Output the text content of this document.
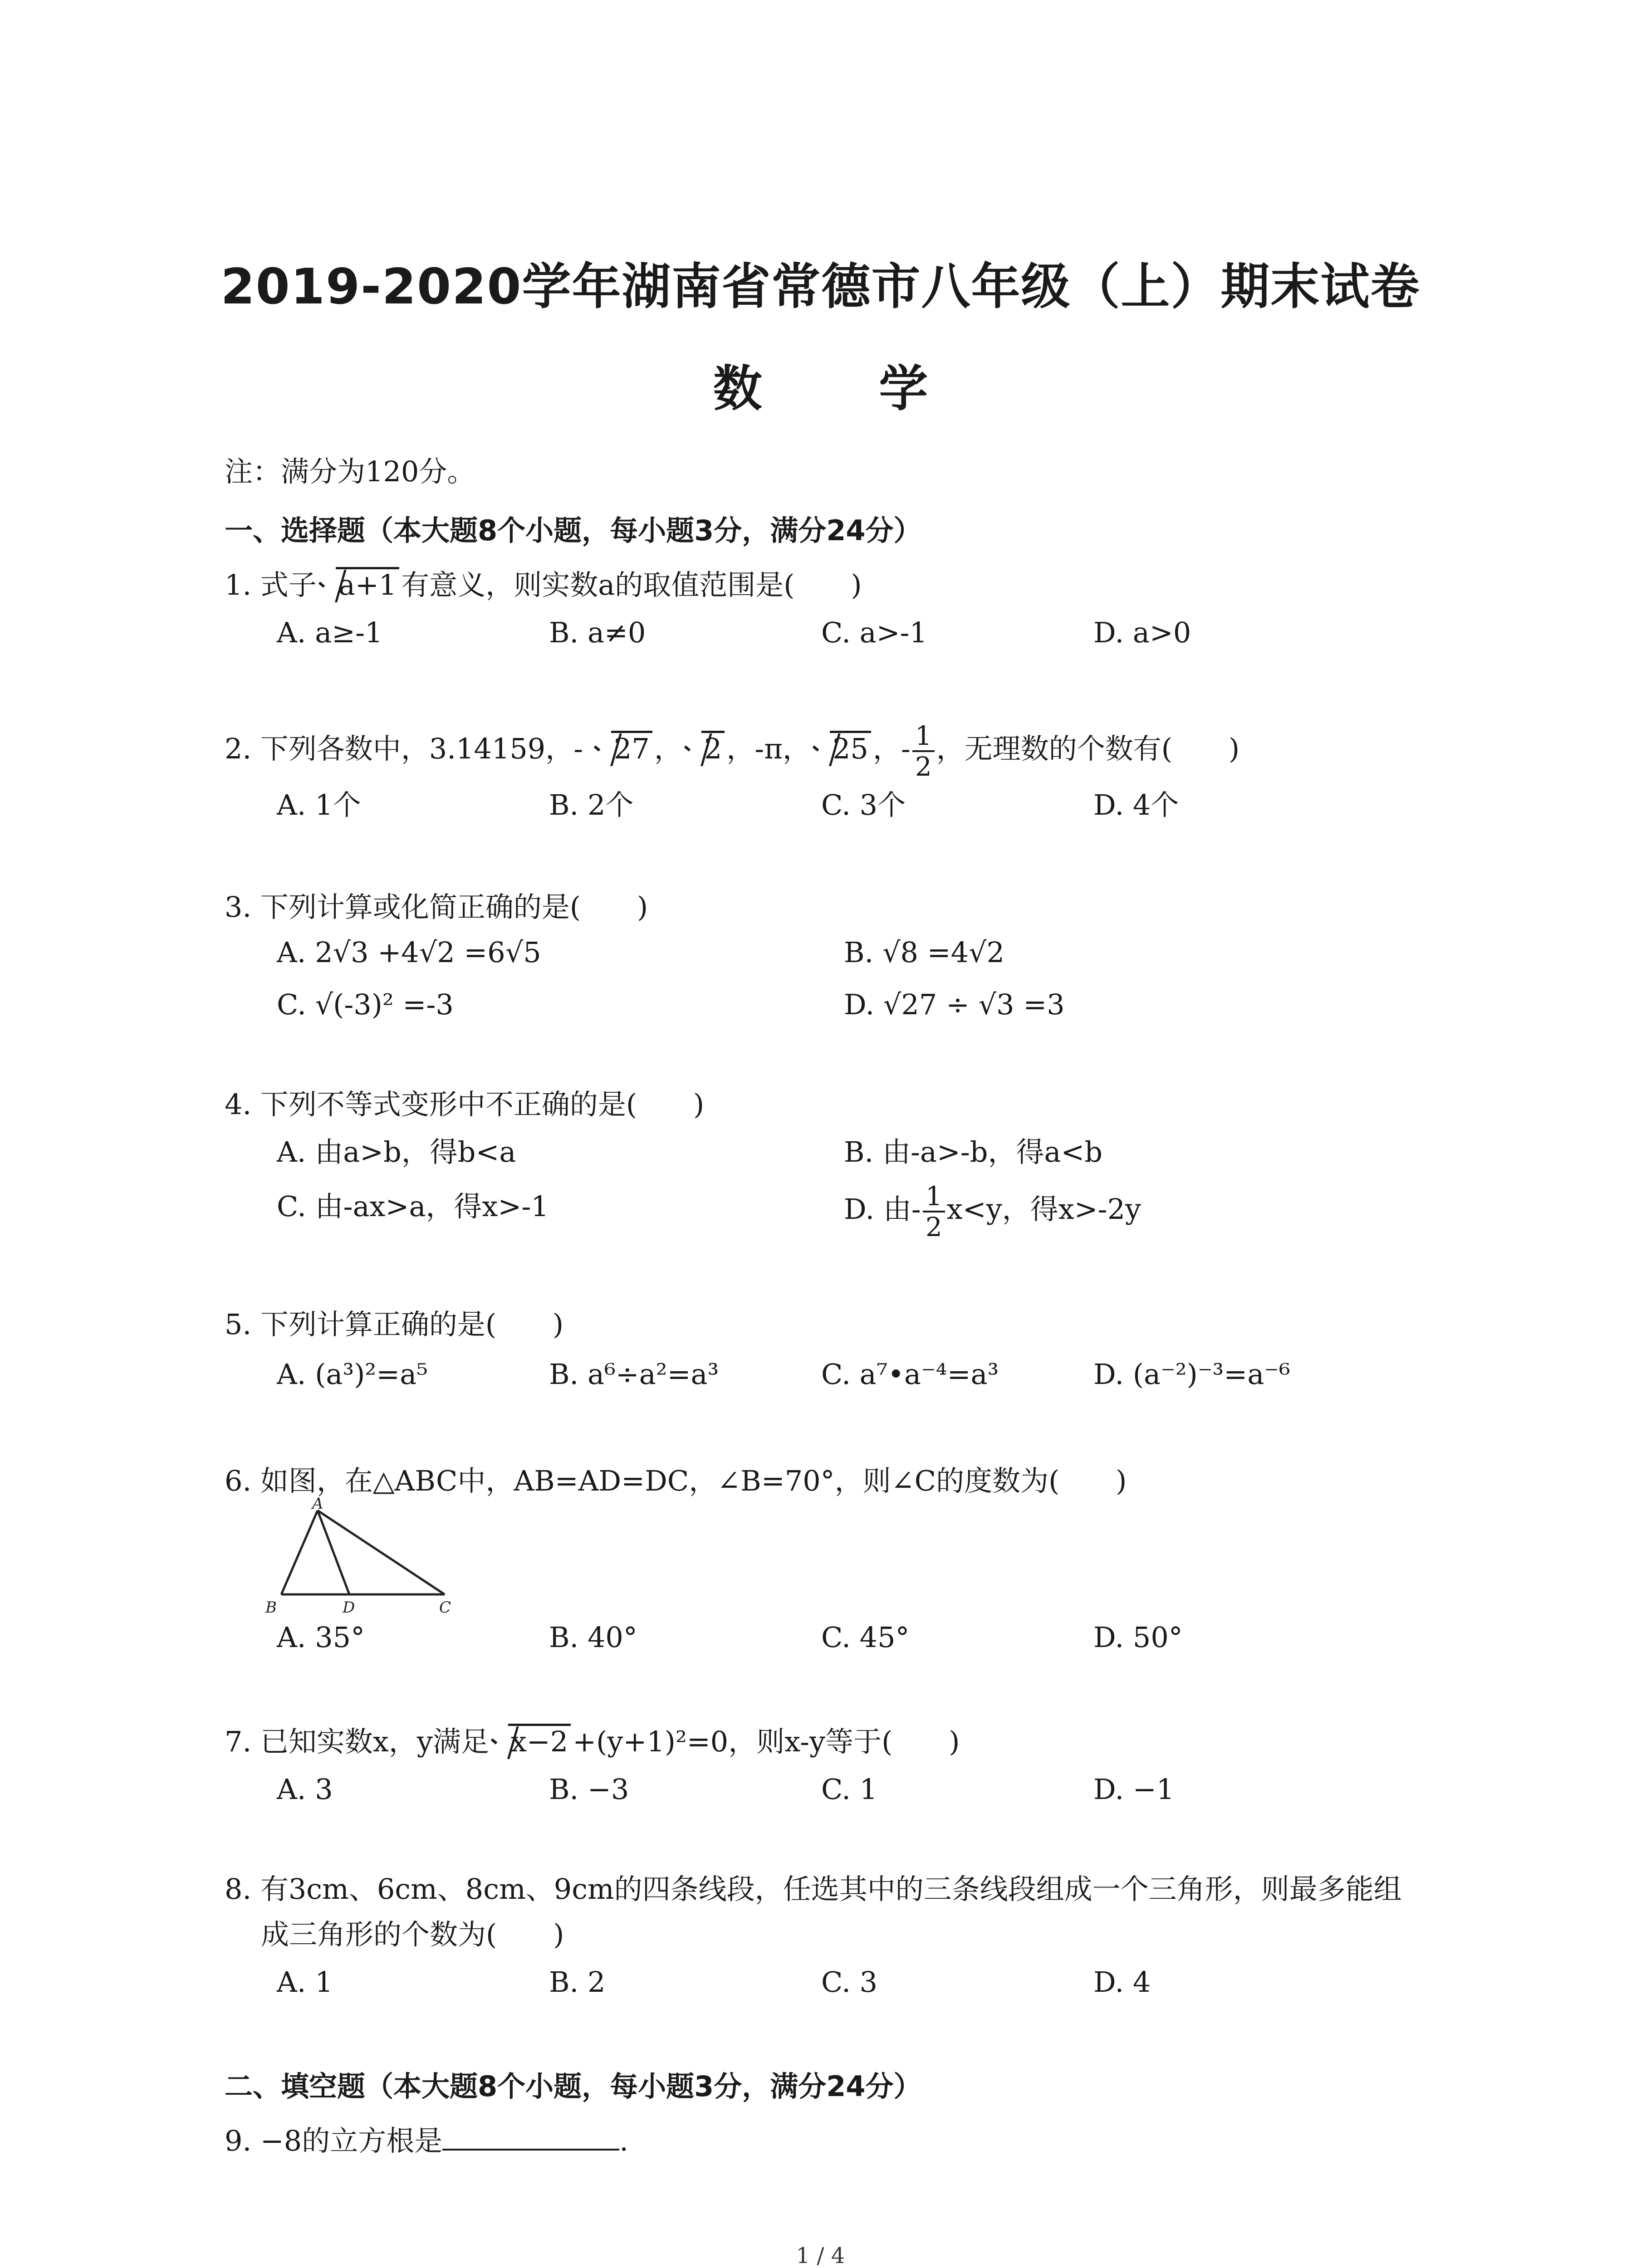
2019-2020学年湖南省常德市八年级（上）期末试卷
数 学
注：满分为120分。
一、选择题（本大题8个小题，每小题3分，满分24分）
1. 式子 a+1 有意义，则实数a的取值范围是(　　)
A. a≥-1	B. a≠0	C. a>-1	D. a>0
2. 下列各数中，3.14159，- 27 ， 2 ，-π， 25 ，- $\frac{1}{2}$ ，无理数的个数有(　　)
A. 1个	B. 2个	C. 3个	D. 4个
3. 下列计算或化简正确的是(　　)
A. 2√3 +4√2 =6√5	B. √8 =4√2
C. √(-3)² =-3	D. √27 ÷ √3 =3
4. 下列不等式变形中不正确的是(　　)
A. 由a>b，得b<a	B. 由-a>-b，得a<b
C. 由-ax>a，得x>-1	D. 由- $\frac{1}{2} x<y$，得x>-2y
5. 下列计算正确的是(　　)
A. (a³)²=a⁵	B. a⁶÷a²=a³	C. a⁷•a⁻⁴=a³	D. (a⁻²)⁻³=a⁻⁶
6. 如图，在△ABC中，AB=AD=DC，∠B=70°，则∠C的度数为(　　)
A
B	D	C
A. 35°	B. 40°	C. 45°	D. 50°
7. 已知实数x，y满足 x−2 +(y+1)²=0，则x-y等于(　　)
A. 3	B. −3	C. 1	D. −1
8. 有3cm、6cm、8cm、9cm的四条线段，任选其中的三条线段组成一个三角形，则最多能组
成三角形的个数为(　　)
A. 1	B. 2	C. 3	D. 4
二、填空题（本大题8个小题，每小题3分，满分24分）
9. −8的立方根是	.
1 / 4
